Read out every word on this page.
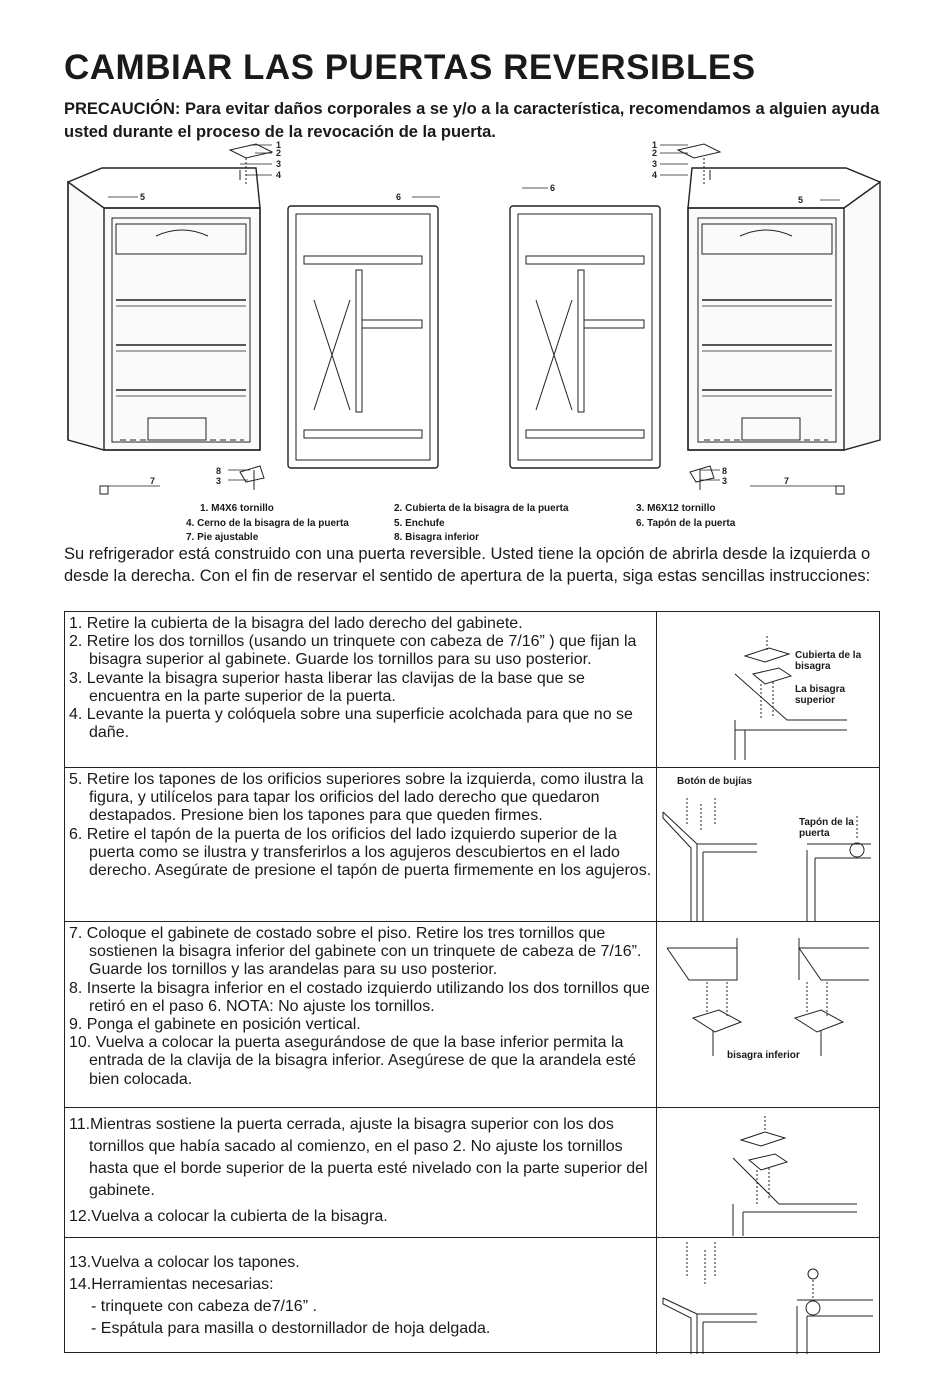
CAMBIAR LAS PUERTAS REVERSIBLES
PRECAUCIÓN: Para evitar daños corporales a se y/o a la característica, recomendamos a alguien ayuda usted durante el proceso de la revocación de la puerta.
1
2
3
4
5	6
7
8
3
1
2
3
4
6
5
8
3	7
1. M4X6 tornillo	2. Cubierta de la bisagra de la puerta	3. M6X12 tornillo
4. Cerno de la bisagra de la puerta	5. Enchufe	6. Tapón de la puerta
7. Pie ajustable	8. Bisagra inferior
Su refrigerador está construido con una puerta reversible. Usted tiene la opción de abrirla desde la izquierda o desde la derecha. Con el fin de reservar el sentido de apertura de la puerta, siga estas sencillas instrucciones:

1. Retire la cubierta de la bisagra del lado derecho del gabinete.

2. Retire los dos tornillos (usando un trinquete con cabeza de 7/16” ) que fijan la bisagra superior al gabinete. Guarde los tornillos para su uso posterior.

3. Levante la bisagra superior hasta liberar las clavijas de la base que se encuentra en la parte superior de la puerta.

4. Levante la puerta y colóquela sobre una superficie acolchada para que no se dañe.

Cubierta de la bisagra
La bisagra superior

5. Retire los tapones de los orificios superiores sobre la izquierda, como ilustra la figura, y utilícelos para tapar los orificios del lado derecho que quedaron destapados. Presione bien los tapones para que queden firmes.

6. Retire el tapón de la puerta de los orificios del lado izquierdo superior de la puerta como se ilustra y transferirlos a los agujeros descubiertos en el lado derecho. Asegúrate de presione el tapón de puerta firmemente en los agujeros.

Botón de bujías
Tapón de la puerta

7. Coloque el gabinete de costado sobre el piso. Retire los tres tornillos que sostienen la bisagra inferior del gabinete con un trinquete de cabeza de 7/16”. Guarde los tornillos y las arandelas para su uso posterior.

8. Inserte la bisagra inferior en el costado izquierdo utilizando los dos tornillos que retiró en el paso 6. NOTA: No ajuste los tornillos.

9. Ponga el gabinete en posición vertical.

10. Vuelva a colocar la puerta asegurándose de que la base inferior permita la entrada de la clavija de la bisagra inferior. Asegúrese de que la arandela esté bien colocada.

bisagra inferior

11.Mientras sostiene la puerta cerrada, ajuste la bisagra superior con los dos tornillos que había sacado al comienzo, en el paso 2. No ajuste los tornillos hasta que el borde superior de la puerta esté nivelado con la parte superior del gabinete.

12.Vuelva a colocar la cubierta de la bisagra.

13.Vuelva a colocar los tapones.

14.Herramientas necesarias:

- trinquete con cabeza de7/16” .

- Espátula para masilla o destornillador de hoja delgada.
